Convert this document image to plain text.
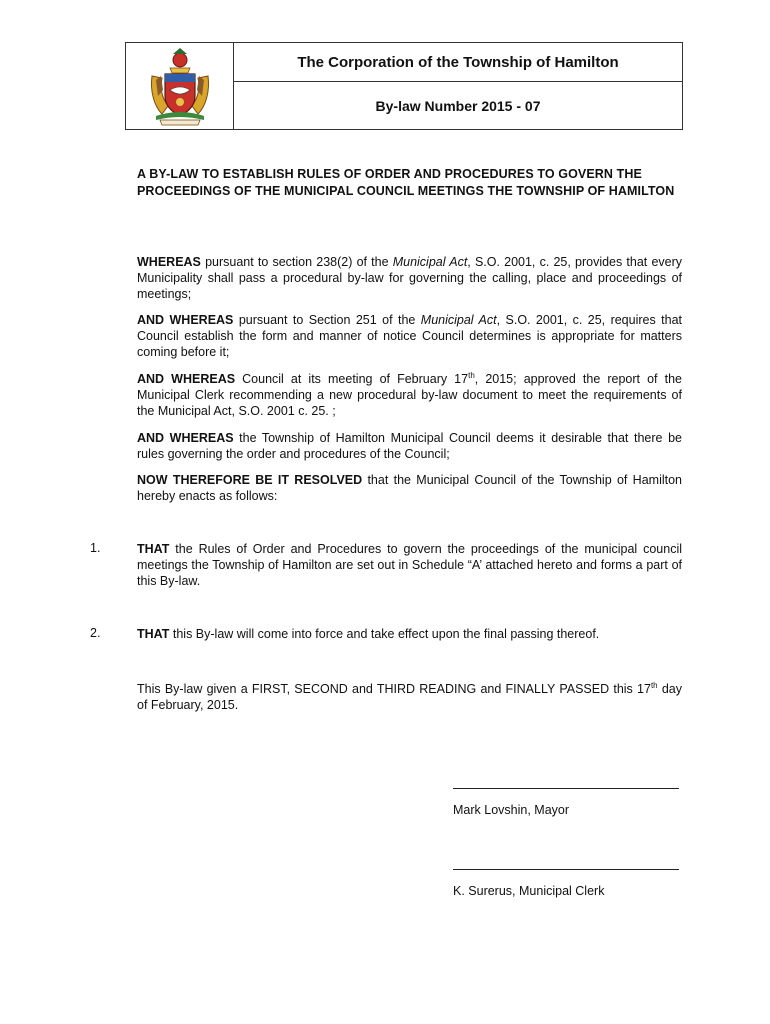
The Corporation of the Township of Hamilton
By-law Number 2015 - 07
A BY-LAW TO ESTABLISH RULES OF ORDER AND PROCEDURES TO GOVERN THE PROCEEDINGS OF THE MUNICIPAL COUNCIL MEETINGS THE TOWNSHIP OF HAMILTON
WHEREAS pursuant to section 238(2) of the Municipal Act, S.O. 2001, c. 25, provides that every Municipality shall pass a procedural by-law for governing the calling, place and proceedings of meetings;
AND WHEREAS pursuant to Section 251 of the Municipal Act, S.O. 2001, c. 25, requires that Council establish the form and manner of notice Council determines is appropriate for matters coming before it;
AND WHEREAS Council at its meeting of February 17th, 2015; approved the report of the Municipal Clerk recommending a new procedural by-law document to meet the requirements of the Municipal Act, S.O. 2001 c. 25. ;
AND WHEREAS the Township of Hamilton Municipal Council deems it desirable that there be rules governing the order and procedures of the Council;
NOW THEREFORE BE IT RESOLVED that the Municipal Council of the Township of Hamilton hereby enacts as follows:
1.	THAT the Rules of Order and Procedures to govern the proceedings of the municipal council meetings the Township of Hamilton are set out in Schedule “A’ attached hereto and forms a part of this By-law.
2.	THAT this By-law will come into force and take effect upon the final passing thereof.
This By-law given a FIRST, SECOND and THIRD READING and FINALLY PASSED this 17th day of February, 2015.
Mark Lovshin, Mayor
K. Surerus, Municipal Clerk
